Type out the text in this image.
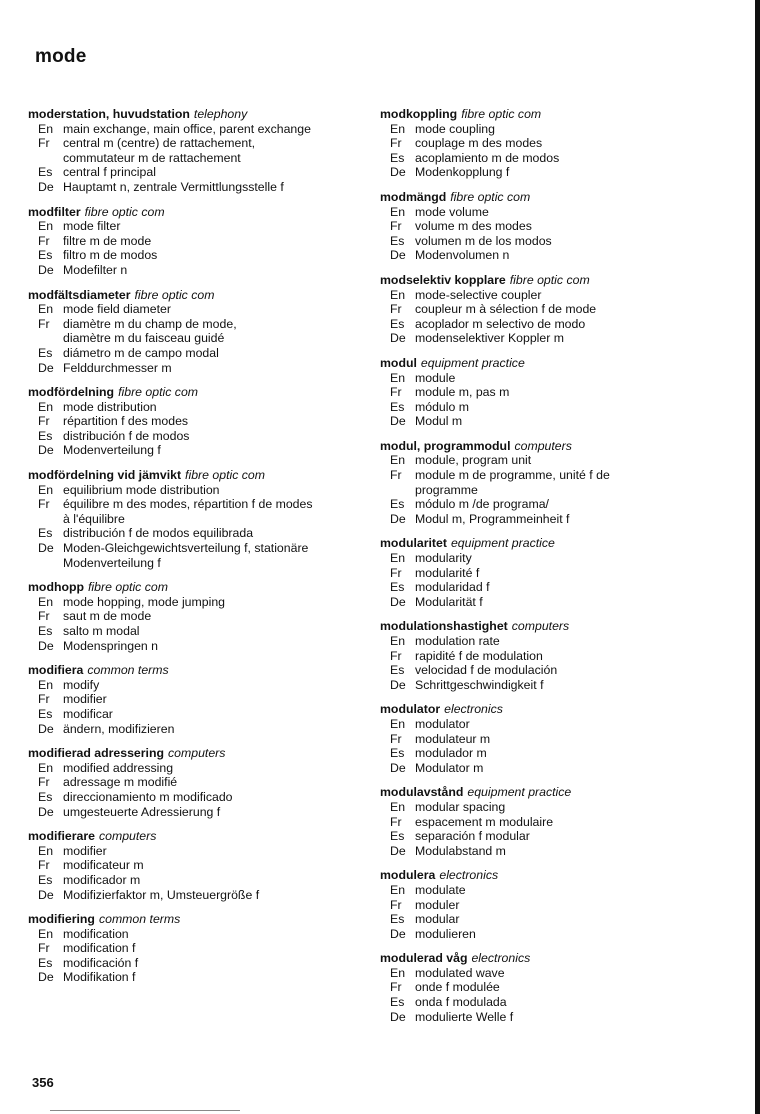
mode
moderstation, huvudstation telephony
En main exchange, main office, parent exchange
Fr	central m (centre) de rattachement,
commutateur m de rattachement
Es central f principal
De Hauptamt n, zentrale Vermittlungsstelle f
modfilter fibre optic com
En mode filter
Fr	filtre m de mode
Es filtro m de modos
De Modefilter n
modfältsdiameter fibre optic com
En mode field diameter
Fr	diamètre m du champ de mode,
diamètre m du faisceau guidé
Es diámetro m de campo modal
De Felddurchmesser m
modfördelning fibre optic com
En mode distribution
Fr	répartition f des modes
Es distribución f de modos
De Modenverteilung f
modfördelning vid jämvikt fibre optic com
En equilibrium mode distribution
Fr	équilibre m des modes, répartition f de modes
à l'équilibre
Es distribución f de modos equilibrada
De Moden-Gleichgewichtsverteilung f, stationäre
Modenverteilung f
modhopp fibre optic com
En mode hopping, mode jumping
Fr	saut m de mode
Es salto m modal
De Modenspringen n
modifiera common terms
En modify
Fr	modifier
Es modificar
De ändern, modifizieren
modifierad adressering computers
En modified addressing
Fr	adressage m modifié
Es direccionamiento m modificado
De umgesteuerte Adressierung f
modifierare computers
En modifier
Fr	modificateur m
Es modificador m
De Modifizierfaktor m, Umsteuergröße f
modifiering common terms
En modification
Fr	modification f
Es modificación f
De Modifikation f
modkoppling fibre optic com
En mode coupling
Fr	couplage m des modes
Es acoplamiento m de modos
De Modenkopplung f
modmängd fibre optic com
En mode volume
Fr	volume m des modes
Es volumen m de los modos
De Modenvolumen n
modselektiv kopplare fibre optic com
En mode-selective coupler
Fr	coupleur m à sélection f de mode
Es acoplador m selectivo de modo
De modenselektiver Koppler m
modul equipment practice
En module
Fr	module m, pas m
Es módulo m
De Modul m
modul, programmodul computers
En module, program unit
Fr	module m de programme, unité f de
programme
Es módulo m /de programa/
De Modul m, Programmeinheit f
modularitet equipment practice
En modularity
Fr	modularité f
Es modularidad f
De Modularität f
modulationshastighet computers
En modulation rate
Fr	rapidité f de modulation
Es velocidad f de modulación
De Schrittgeschwindigkeit f
modulator electronics
En modulator
Fr	modulateur m
Es modulador m
De Modulator m
modulavstånd equipment practice
En modular spacing
Fr	espacement m modulaire
Es separación f modular
De Modulabstand m
modulera electronics
En modulate
Fr	moduler
Es modular
De modulieren
modulerad våg electronics
En modulated wave
Fr	onde f modulée
Es onda f modulada
De modulierte Welle f
356
